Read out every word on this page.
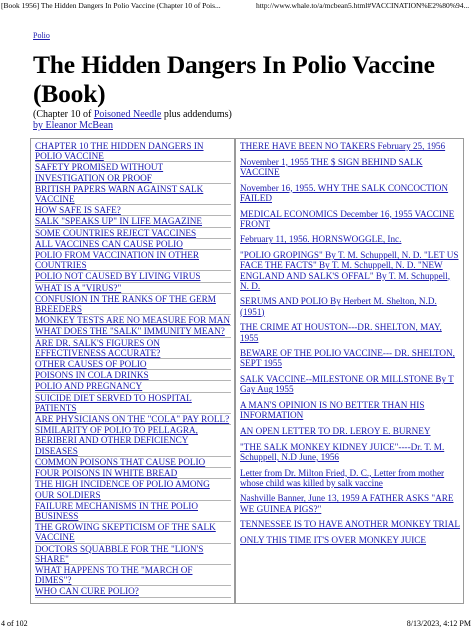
[Book 1956] The Hidden Dangers In Polio Vaccine (Chapter 10 of Pois...	http://www.whale.to/a/mcbean5.html#VACCINATION%E2%80%94...
Polio
The Hidden Dangers In Polio Vaccine (Book)
(Chapter 10 of Poisoned Needle plus addendums)
by Eleanor McBean
CHAPTER 10 THE HIDDEN DANGERS IN POLIO VACCINE
SAFETY PROMISED WITHOUT INVESTIGATION OR PROOF
BRITISH PAPERS WARN AGAINST SALK VACCINE
HOW SAFE IS SAFE?
SALK "SPEAKS UP" IN LIFE MAGAZINE
SOME COUNTRIES REJECT VACCINES
ALL VACCINES CAN CAUSE POLIO
POLIO FROM VACCINATION IN OTHER COUNTRIES
POLIO NOT CAUSED BY LIVING VIRUS
WHAT IS A "VIRUS?"
CONFUSION IN THE RANKS OF THE GERM BREEDERS
MONKEY TESTS ARE NO MEASURE FOR MAN
WHAT DOES THE "SALK" IMMUNITY MEAN?
ARE DR. SALK'S FIGURES ON EFFECTIVENESS ACCURATE?
OTHER CAUSES OF POLIO
POISONS IN COLA DRINKS
POLIO AND PREGNANCY
SUICIDE DIET SERVED TO HOSPITAL PATIENTS
ARE PHYSICIANS ON THE "COLA" PAY ROLL?
SIMILARITY OF POLIO TO PELLAGRA, BERIBERI AND OTHER DEFICIENCY DISEASES
COMMON POISONS THAT CAUSE POLIO
FOUR POISONS IN WHITE BREAD
THE HIGH INCIDENCE OF POLIO AMONG OUR SOLDIERS
FAILURE MECHANISMS IN THE POLIO BUSINESS
THE GROWING SKEPTICISM OF THE SALK VACCINE
DOCTORS SQUABBLE FOR THE "LION'S SHARE"
WHAT HAPPENS TO THE "MARCH OF DIMES"?
WHO CAN CURE POLIO?
THERE HAVE BEEN NO TAKERS February 25, 1956
November 1, 1955 THE $ SIGN BEHIND SALK VACCINE
November 16, 1955. WHY THE SALK CONCOCTION FAILED
MEDICAL ECONOMICS December 16, 1955 VACCINE FRONT
February 11, 1956. HORNSWOGGLE, Inc.
"POLIO GROPINGS" By T. M. Schuppell, N. D. "LET US FACE THE FACTS" By T. M. Schuppell, N. D. "NEW ENGLAND AND SALK'S OFFAL" By T. M. Schuppell, N. D.
SERUMS AND POLIO By Herbert M. Shelton, N.D. (1951)
THE CRIME AT HOUSTON---DR. SHELTON, MAY, 1955
BEWARE OF THE POLIO VACCINE--- DR. SHELTON, SEPT 1955
SALK VACCINE--MILESTONE OR MILLSTONE By T Gay Aug 1955
A MAN'S OPINION IS NO BETTER THAN HIS INFORMATION
AN OPEN LETTER TO DR. LEROY E. BURNEY
"THE SALK MONKEY KIDNEY JUICE"----Dr. T. M. Schuppell, N.D June, 1956
Letter from Dr. Milton Fried, D. C., Letter from mother whose child was killed by salk vaccine
Nashville Banner, June 13, 1959 A FATHER ASKS "ARE WE GUINEA PIGS?"
TENNESSEE IS TO HAVE ANOTHER MONKEY TRIAL
ONLY THIS TIME IT'S OVER MONKEY JUICE
4 of 102	8/13/2023, 4:12 PM
